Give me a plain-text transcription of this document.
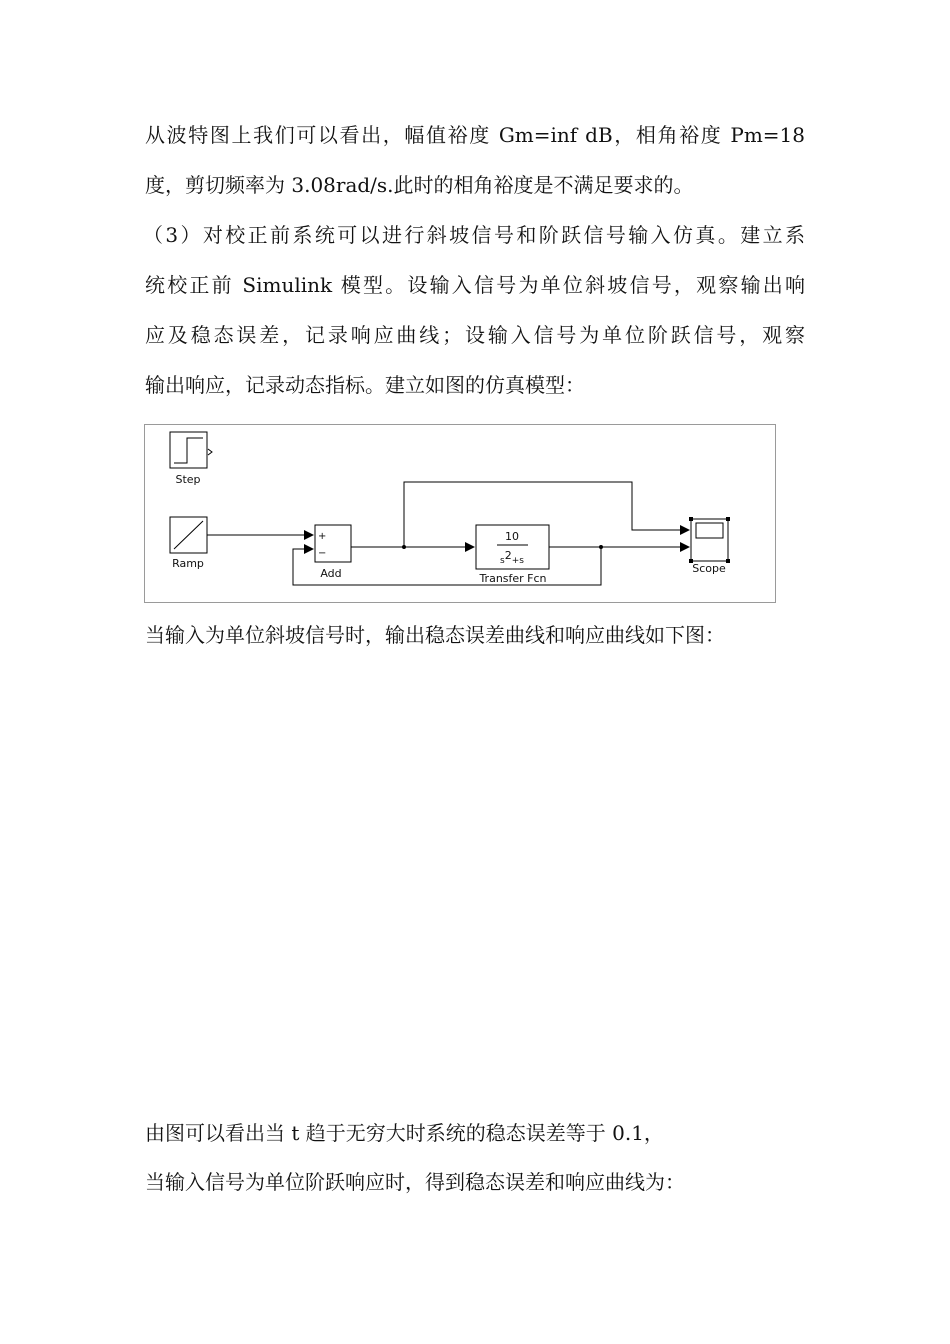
从波特图上我们可以看出，幅值裕度 Gm=inf dB，相角裕度 Pm=18
度，剪切频率为 3.08rad/s.此时的相角裕度是不满足要求的。
（3）对校正前系统可以进行斜坡信号和阶跃信号输入仿真。建立系
统校正前 Simulink 模型。设输入信号为单位斜坡信号，观察输出响
应及稳态误差，记录响应曲线；设输入信号为单位阶跃信号，观察
输出响应，记录动态指标。建立如图的仿真模型：
Step
Ramp
+
−
Add
10
s2+s
Transfer Fcn
Scope
当输入为单位斜坡信号时，输出稳态误差曲线和响应曲线如下图：
由图可以看出当 t 趋于无穷大时系统的稳态误差等于 0.1，
当输入信号为单位阶跃响应时，得到稳态误差和响应曲线为：
